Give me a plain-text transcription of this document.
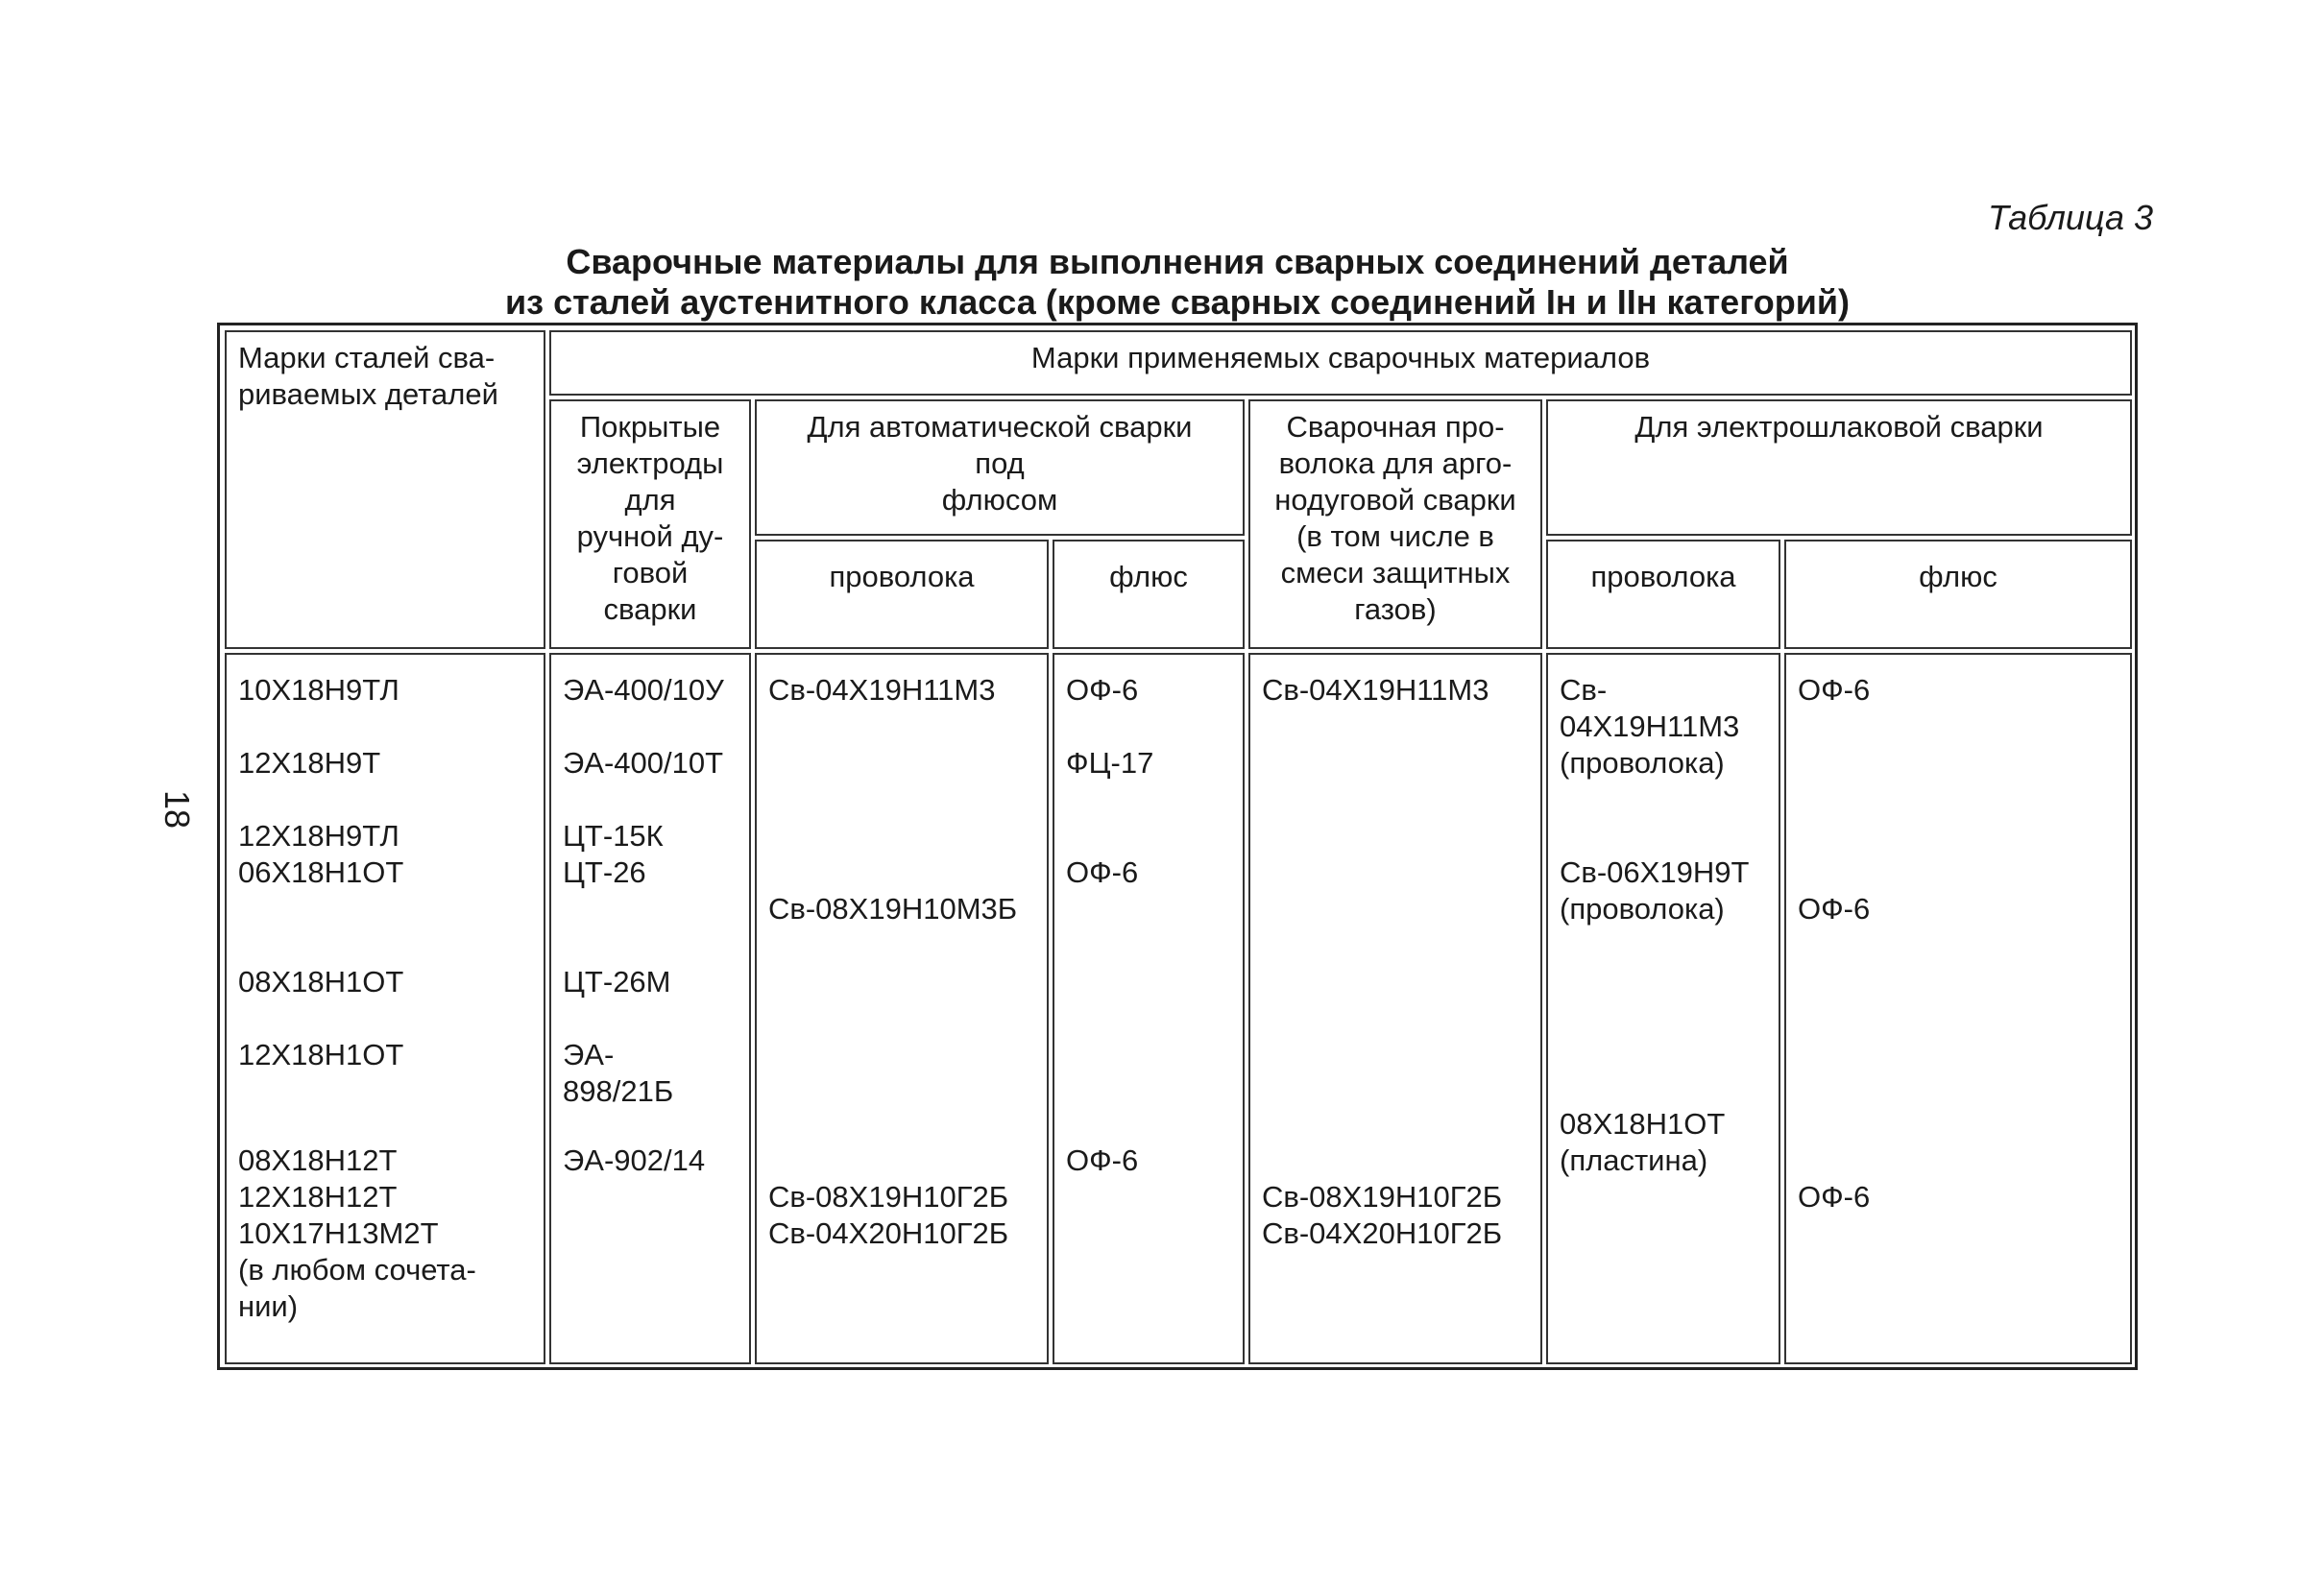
Таблица 3
Сварочные материалы для выполнения сварных соединений деталей
из сталей аустенитного класса (кроме сварных соединений Iн и IIн категорий)
18
Марки сталей сва-
риваемых деталей
Марки применяемых сварочных материалов
Покрытые
электроды
для
ручной ду-
говой
сварки
Для автоматической сварки
под
флюсом
проволока	флюс
Сварочная про-
волока для арго-
нодуговой сварки
(в том числе в
смеси защитных
газов)
Для электрошлаковой сварки
проволока	флюс
10Х18Н9ТЛ
12Х18Н9Т
12Х18Н9ТЛ
06Х18Н1ОТ
08Х18Н1ОТ
12Х18Н1ОТ
08Х18Н12Т
12Х18Н12Т
10Х17Н13М2Т
(в любом сочета-
нии)
ЭА-400/10У
ЭА-400/10Т
ЦТ-15К
ЦТ-26
ЦТ-26М
ЭА-
898/21Б
ЭА-902/14
Св-04Х19Н11М3
Св-08Х19Н10М3Б
Св-08Х19Н10Г2Б
Св-04Х20Н10Г2Б
ОФ-6
ФЦ-17
ОФ-6
ОФ-6
Св-04Х19Н11М3
Св-08Х19Н10Г2Б
Св-04Х20Н10Г2Б
Св-
04Х19Н11М3
(проволока)
Св-06Х19Н9Т
(проволока)
08Х18Н1ОТ
(пластина)
ОФ-6
ОФ-6
ОФ-6
